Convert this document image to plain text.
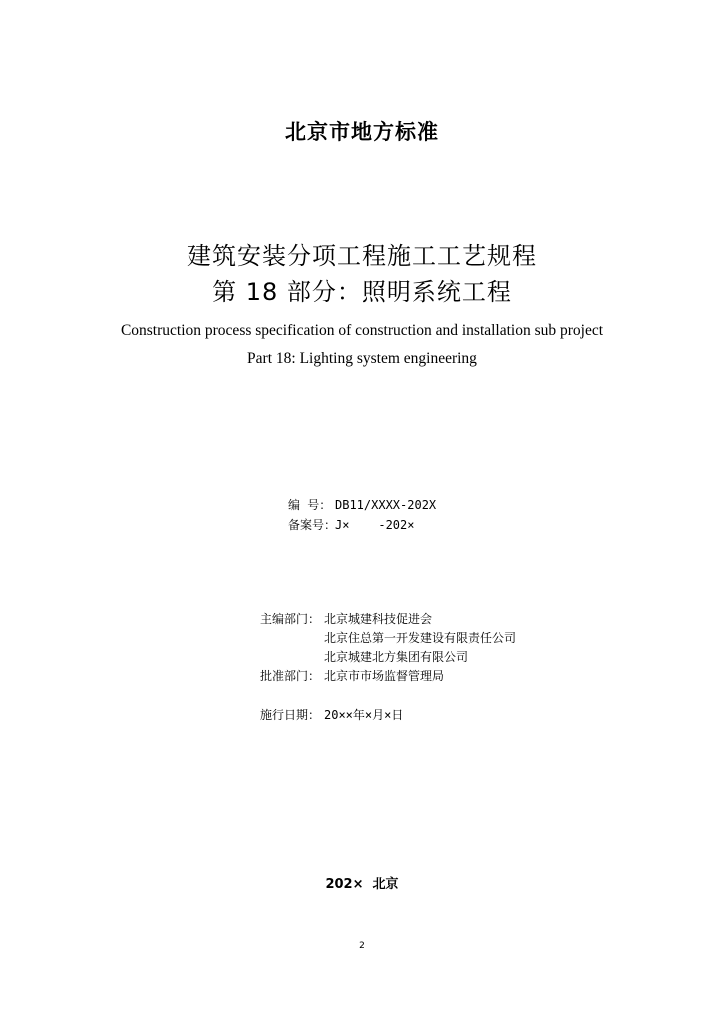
北京市地方标准
建筑安装分项工程施工工艺规程
第 18 部分：照明系统工程
Construction process specification of construction and installation sub project
Part 18: Lighting system engineering
编 号： DB11/XXXX-202X
备案号：J×    -202×
主编部门： 北京城建科技促进会
北京住总第一开发建设有限责任公司
北京城建北方集团有限公司
批准部门： 北京市市场监督管理局
施行日期： 20××年×月×日
202×  北京
2
